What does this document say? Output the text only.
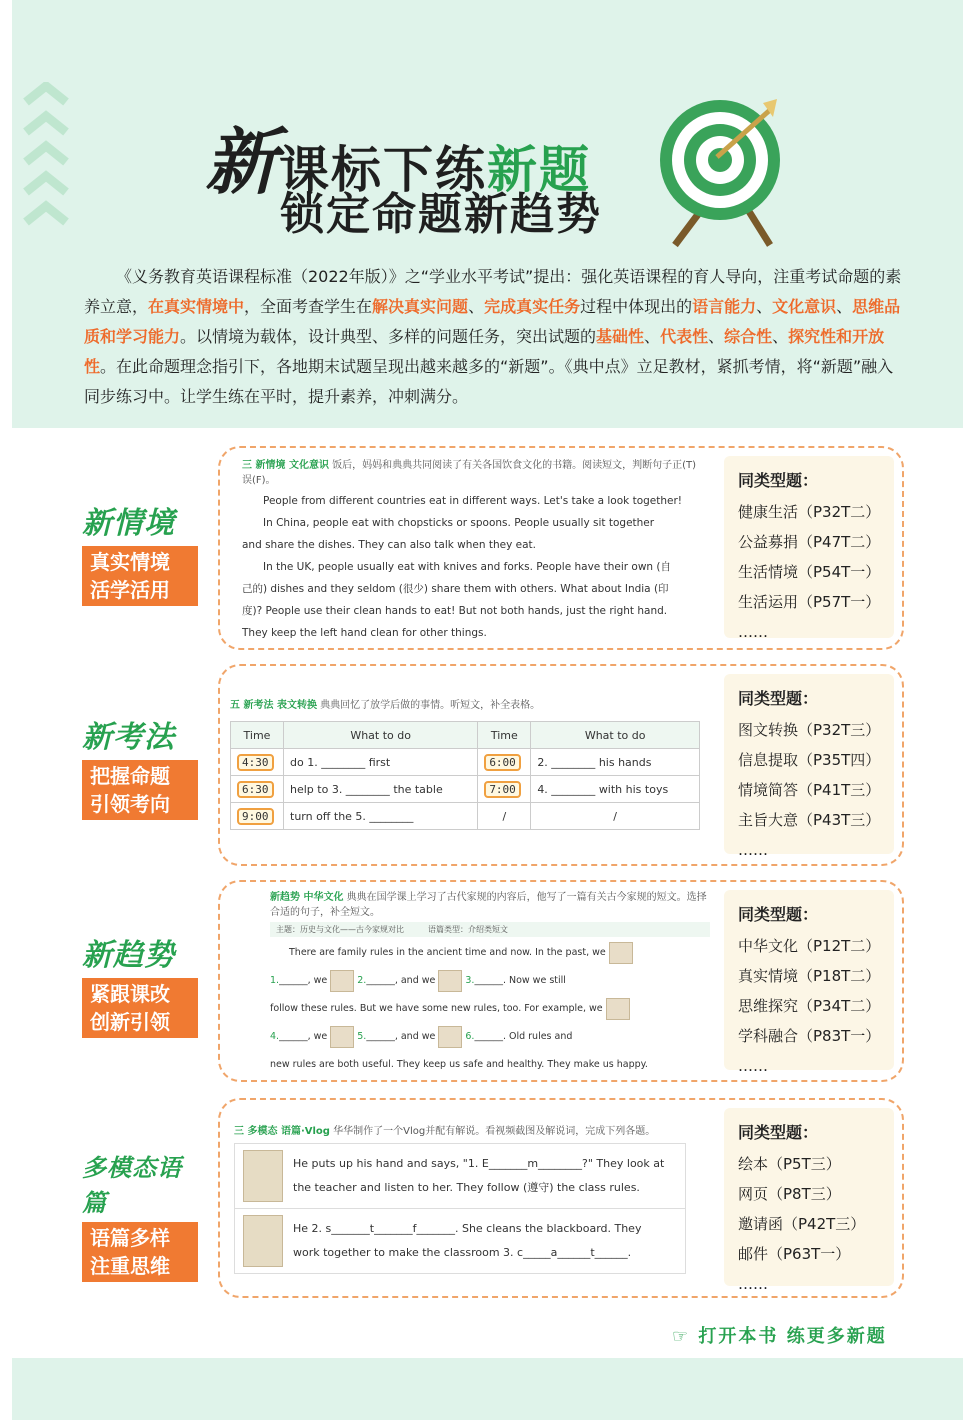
新课标下练新题
锁定命题新趋势
《义务教育英语课程标准（2022年版）》之“学业水平考试”提出：强化英语课程的育人导向，注重考试命题的素养立意，在真实情境中，全面考查学生在解决真实问题、完成真实任务过程中体现出的语言能力、文化意识、思维品质和学习能力。以情境为载体，设计典型、多样的问题任务，突出试题的基础性、代表性、综合性、探究性和开放性。在此命题理念指引下，各地期末试题呈现出越来越多的“新题”。《典中点》立足教材，紧抓考情，将“新题”融入同步练习中。让学生练在平时，提升素养，冲刺满分。
新情境
真实情境
活学活用
三 新情境 文化意识 饭后，妈妈和典典共同阅读了有关各国饮食文化的书籍。阅读短文，判断句子正(T)误(F)。
People from different countries eat in different ways. Let's take a look together!
In China, people eat with chopsticks or spoons. People usually sit together
and share the dishes. They can also talk when they eat.
In the UK, people usually eat with knives and forks. People have their own (自
己的) dishes and they seldom (很少) share them with others. What about India (印
度)? People use their clean hands to eat! But not both hands, just the right hand.
They keep the left hand clean for other things.
同类型题：
健康生活（P32T二）
公益募捐（P47T二）
生活情境（P54T一）
生活运用（P57T一）
……
新考法
把握命题
引领考向
五 新考法 表文转换 典典回忆了放学后做的事情。听短文，补全表格。
Time	What to do	Time	What to do
4:30	do 1. ________ first	6:00	2. ________ his hands
6:30	help to 3. ________ the table	7:00	4. ________ with his toys
9:00	turn off the 5. ________	/	/
同类型题：
图文转换（P32T三）
信息提取（P35T四）
情境简答（P41T三）
主旨大意（P43T三）
……
新趋势
紧跟课改
创新引领
新趋势 中华文化 典典在国学课上学习了古代家规的内容后，他写了一篇有关古今家规的短文。选择合适的句子，补全短文。
主题：历史与文化——古今家规对比　　　	语篇类型：介绍类短文
There are family rules in the ancient time and now. In the past, we
1.______, we	2.______, and we	3.______. Now we still
follow these rules. But we have some new rules, too. For example, we
4.______, we	5.______, and we	6.______. Old rules and
new rules are both useful. They keep us safe and healthy. They make us happy.
同类型题：
中华文化（P12T二）
真实情境（P18T二）
思维探究（P34T二）
学科融合（P83T一）
……
多模态语篇
语篇多样
注重思维
三 多模态 语篇·Vlog 华华制作了一个Vlog并配有解说。看视频截图及解说词，完成下列各题。
He puts up his hand and says, "1. E_______m________?" They look at
the teacher and listen to her. They follow (遵守) the class rules.
He 2. s_______t_______f_______. She cleans the blackboard. They
work together to make the classroom 3. c_____a______t______.
同类型题：
绘本（P5T三）
网页（P8T三）
邀请函（P42T三）
邮件（P63T一）
……
☞ 打开本书 练更多新题
